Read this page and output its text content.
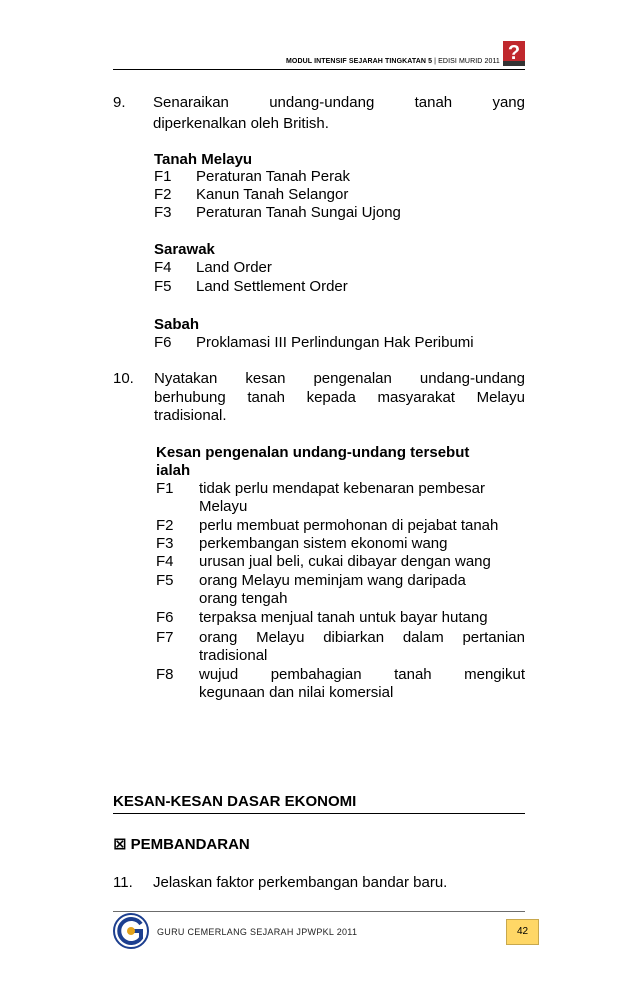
MODUL INTENSIF SEJARAH TINGKATAN 5 | EDISI MURID 2011 ?
9. Senaraikan	undang-undang	tanah	yang
diperkenalkan oleh British.
Tanah Melayu
F1 Peraturan Tanah Perak
F2 Kanun Tanah Selangor
F3 Peraturan Tanah Sungai Ujong
Sarawak
F4 Land Order
F5 Land Settlement Order
Sabah
F6 Proklamasi III Perlindungan Hak Peribumi
10. Nyatakan kesan pengenalan undang-undang
berhubung tanah kepada masyarakat Melayu
tradisional.
Kesan pengenalan undang-undang tersebut
ialah
F1 tidak perlu mendapat kebenaran pembesar
Melayu
F2 perlu membuat permohonan di pejabat tanah
F3 perkembangan sistem ekonomi wang
F4 urusan jual beli, cukai dibayar dengan wang
F5 orang Melayu meminjam wang daripada
orang tengah
F6 terpaksa menjual tanah untuk bayar hutang
F7 orang Melayu dibiarkan dalam pertanian
tradisional
F8 wujud pembahagian tanah mengikut
kegunaan dan nilai komersial
KESAN-KESAN DASAR EKONOMI
⊠ PEMBANDARAN
11. Jelaskan faktor perkembangan bandar baru.
GURU CEMERLANG SEJARAH JPWPKL 2011	42
